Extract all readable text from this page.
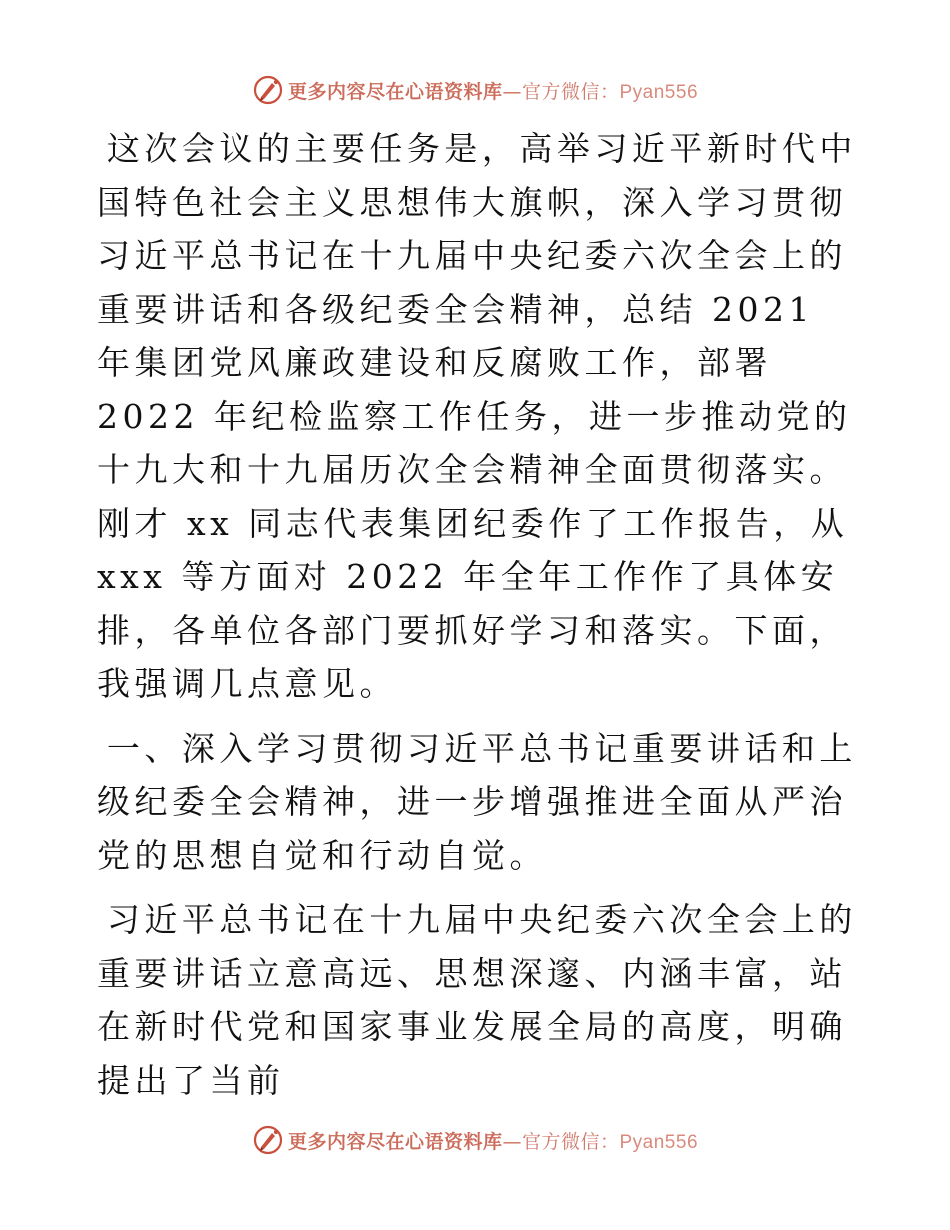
更多内容尽在心语资料库—官方微信：Pyan556

这次会议的主要任务是，高举习近平新时代中国特色社会主义思想伟大旗帜，深入学习贯彻习近平总书记在十九届中央纪委六次全会上的重要讲话和各级纪委全会精神，总结 2021 年集团党风廉政建设和反腐败工作，部署 2022 年纪检监察工作任务，进一步推动党的十九大和十九届历次全会精神全面贯彻落实。刚才 xx 同志代表集团纪委作了工作报告，从 xxx 等方面对 2022 年全年工作作了具体安排，各单位各部门要抓好学习和落实。下面，我强调几点意见。

一、深入学习贯彻习近平总书记重要讲话和上级纪委全会精神，进一步增强推进全面从严治党的思想自觉和行动自觉。

习近平总书记在十九届中央纪委六次全会上的重要讲话立意高远、思想深邃、内涵丰富，站在新时代党和国家事业发展全局的高度，明确提出了当前

更多内容尽在心语资料库—官方微信：Pyan556
